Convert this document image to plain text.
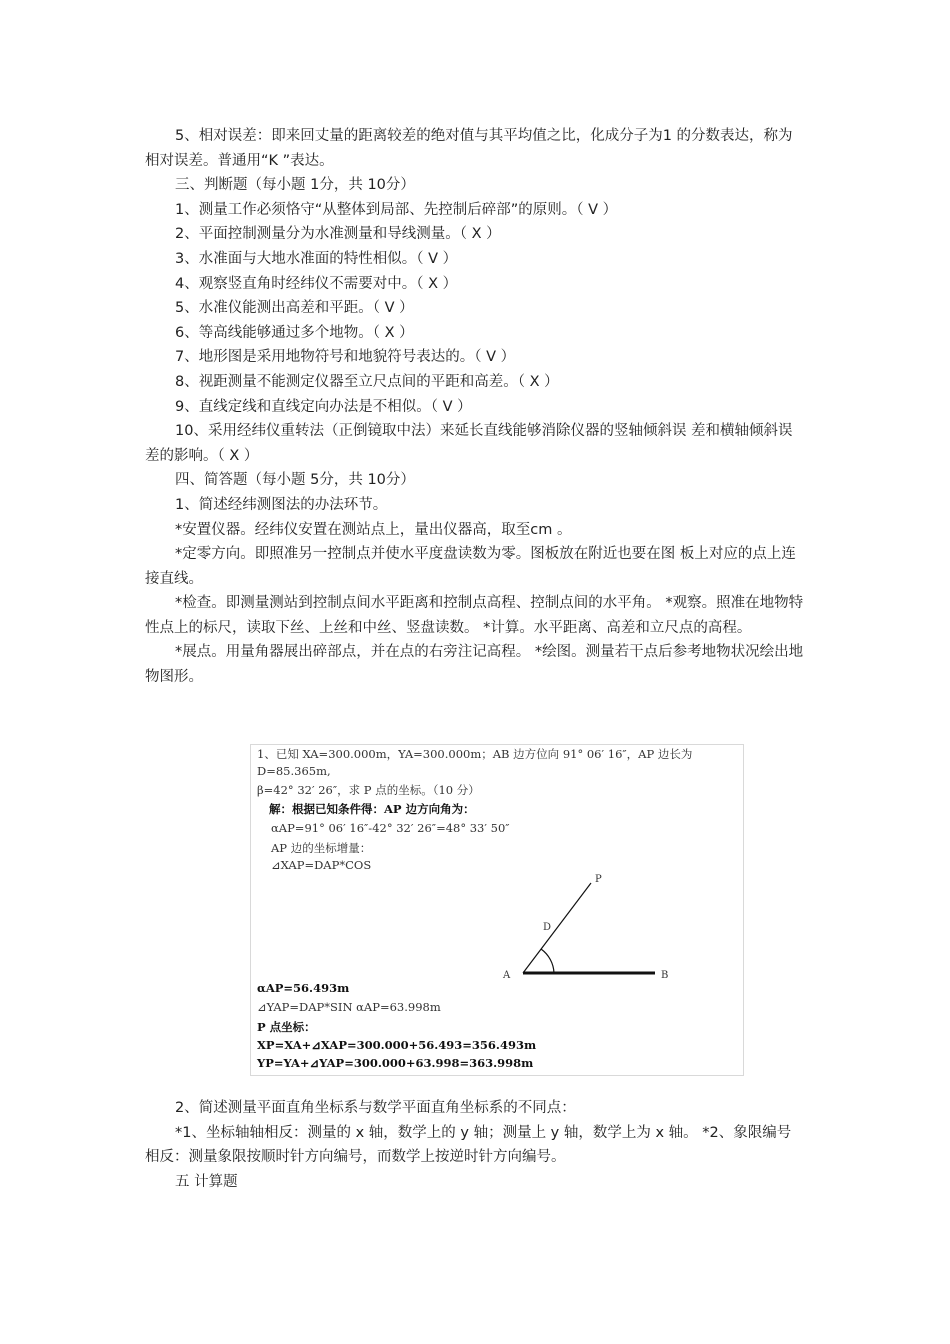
5、相对误差：即来回丈量的距离较差的绝对值与其平均值之比，化成分子为1 的分数表达，称为相对误差。普通用“K ”表达。

三、判断题（每小题 1分，共 10分）

1、测量工作必须恪守“从整体到局部、先控制后碎部”的原则。（ V ）

2、平面控制测量分为水准测量和导线测量。（ X ）

3、水准面与大地水准面的特性相似。（ V ）

4、观察竖直角时经纬仪不需要对中。（ X ）

5、水准仪能测出高差和平距。（ V ）

6、等高线能够通过多个地物。（ X ）

7、地形图是采用地物符号和地貌符号表达的。（ V ）

8、视距测量不能测定仪器至立尺点间的平距和高差。（ X ）

9、直线定线和直线定向办法是不相似。（ V ）

10、采用经纬仪重转法（正倒镜取中法）来延长直线能够消除仪器的竖轴倾斜误 差和横轴倾斜误差的影响。（ X ）

四、简答题（每小题 5分，共 10分）

1、简述经纬测图法的办法环节。

*安置仪器。经纬仪安置在测站点上，量出仪器高，取至cm 。

*定零方向。即照准另一控制点并使水平度盘读数为零。图板放在附近也要在图 板上对应的点上连接直线。

*检查。即测量测站到控制点间水平距离和控制点高程、控制点间的水平角。 *观察。照准在地物特性点上的标尺，读取下丝、上丝和中丝、竖盘读数。 *计算。水平距离、高差和立尺点的高程。

*展点。用量角器展出碎部点，并在点的右旁注记高程。 *绘图。测量若干点后参考地物状况绘出地物图形。

1、已知 XA=300.000m，YA=300.000m；AB 边方位向 91° 06′ 16″，AP 边长为
D=85.365m,
β=42° 32′ 26″，求 P 点的坐标。（10 分）
解：根据已知条件得：AP 边方向角为：
αAP=91° 06′ 16″-42° 32′ 26″=48° 33′ 50″
AP 边的坐标增量：
⊿XAP=DAP*COS
A	B
P
D
αAP=56.493m
⊿YAP=DAP*SIN αAP=63.998m
P 点坐标：
XP=XA+⊿XAP=300.000+56.493=356.493m
YP=YA+⊿YAP=300.000+63.998=363.998m

2、简述测量平面直角坐标系与数学平面直角坐标系的不同点：

*1、坐标轴轴相反：测量的 x 轴，数学上的 y 轴；测量上 y 轴，数学上为 x 轴。 *2、象限编号相反：测量象限按顺时针方向编号，而数学上按逆时针方向编号。

五 计算题
